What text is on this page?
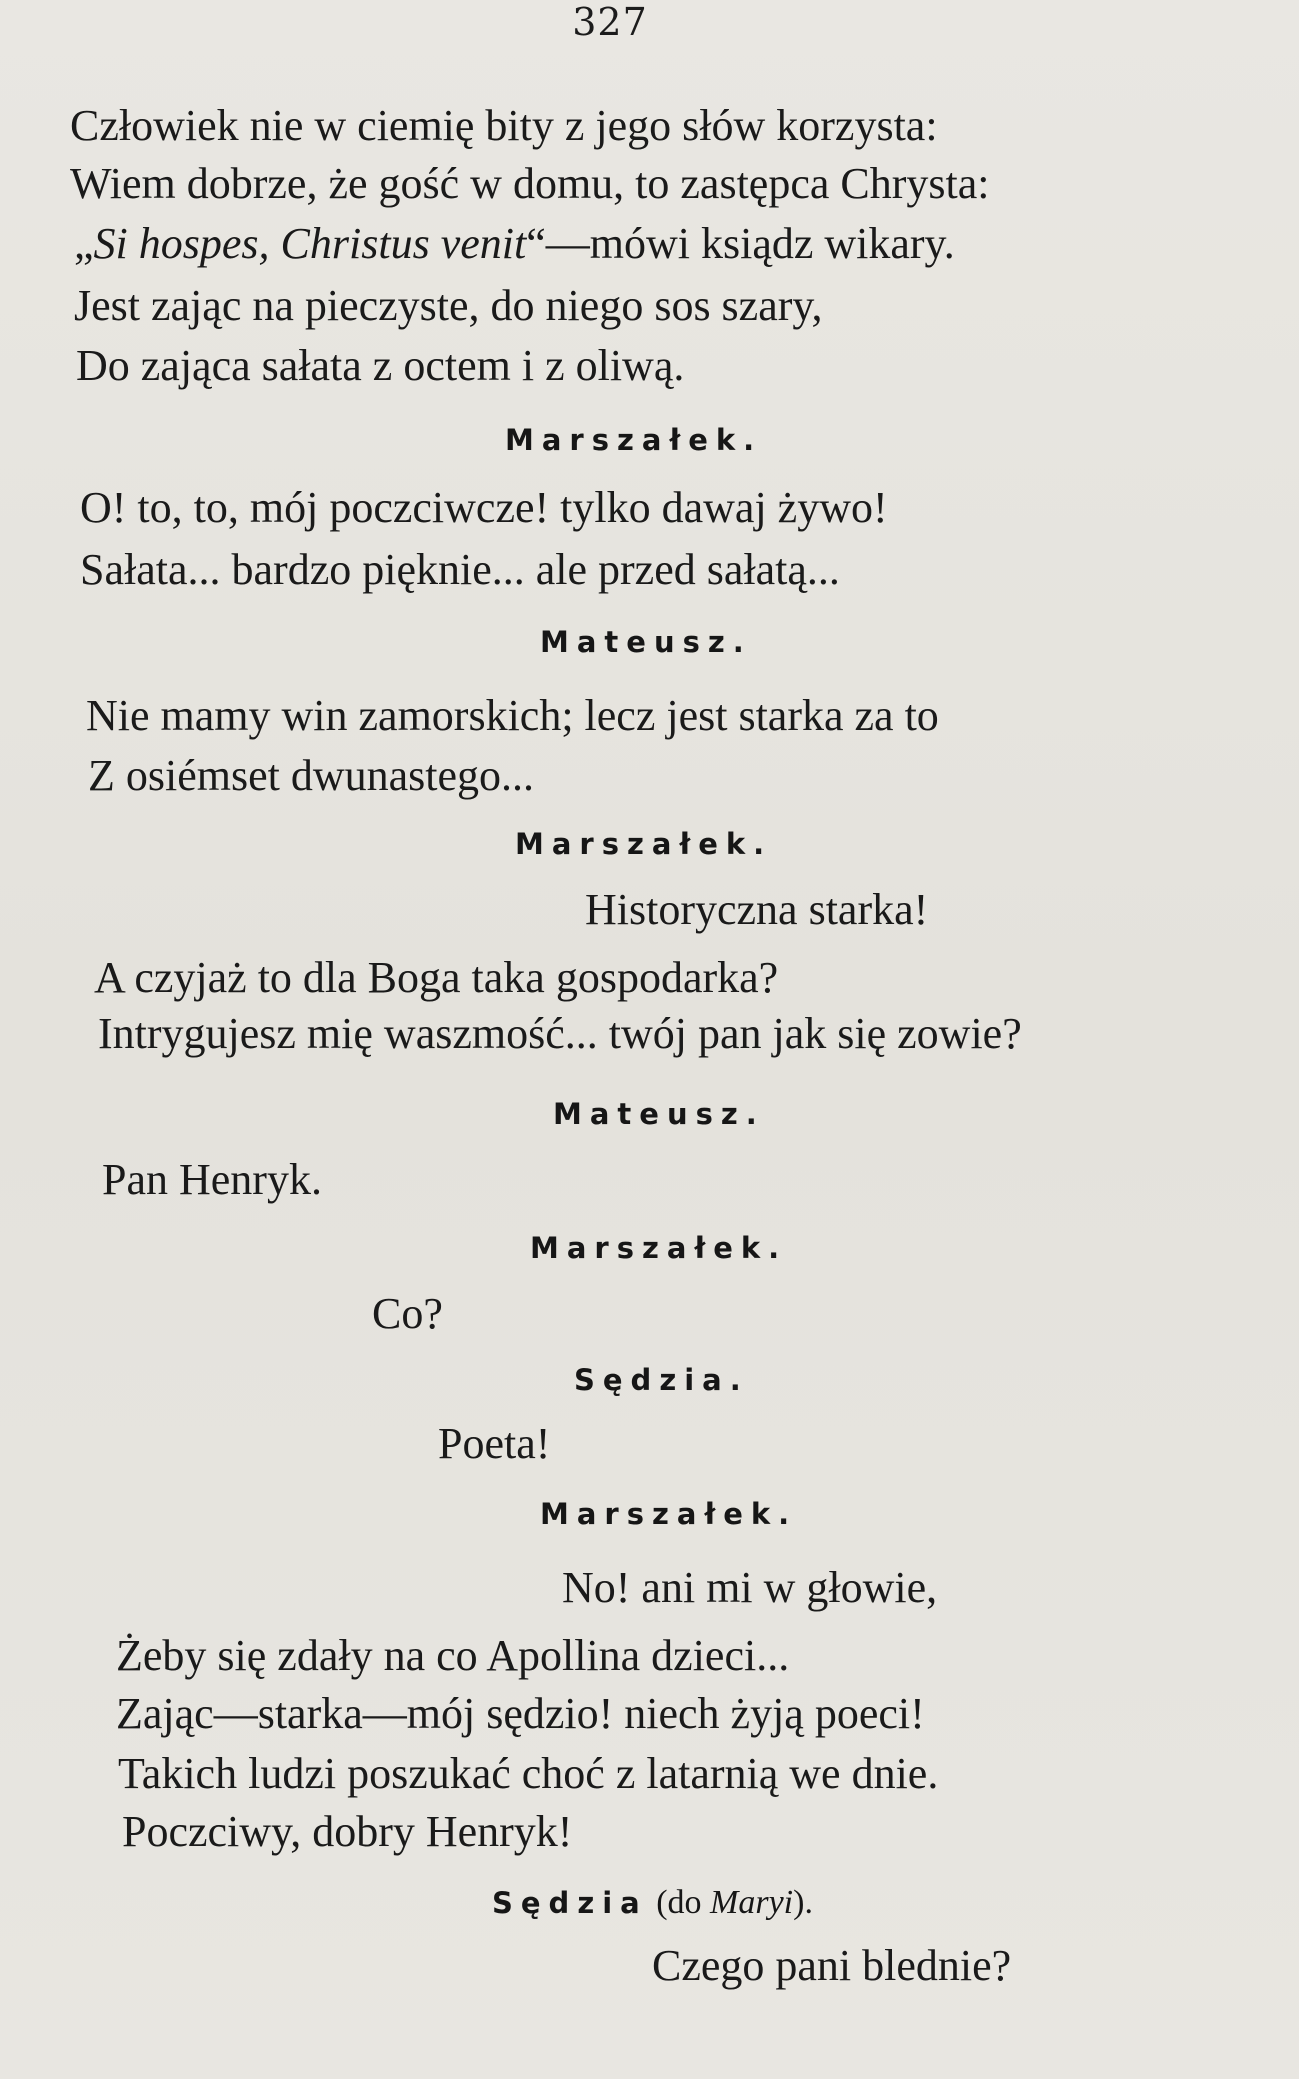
327
Człowiek nie w ciemię bity z jego słów korzysta:
Wiem dobrze, że gość w domu, to zastępca Chrysta:
„Si hospes, Christus venit“—mówi ksiądz wikary.
Jest zając na pieczyste, do niego sos szary,
Do zająca sałata z octem i z oliwą.
Marszałek.
O! to, to, mój poczciwcze! tylko dawaj żywo!
Sałata... bardzo pięknie... ale przed sałatą...
Mateusz.
Nie mamy win zamorskich; lecz jest starka za to
Z osiémset dwunastego...
Marszałek.
Historyczna starka!
A czyjaż to dla Boga taka gospodarka?
Intrygujesz mię waszmość... twój pan jak się zowie?
Mateusz.
Pan Henryk.
Marszałek.
Co?
Sędzia.
Poeta!
Marszałek.
No! ani mi w głowie,
Żeby się zdały na co Apollina dzieci...
Zając—starka—mój sędzio! niech żyją poeci!
Takich ludzi poszukać choć z latarnią we dnie.
Poczciwy, dobry Henryk!
Sędzia (do Maryi).
Czego pani blednie?
